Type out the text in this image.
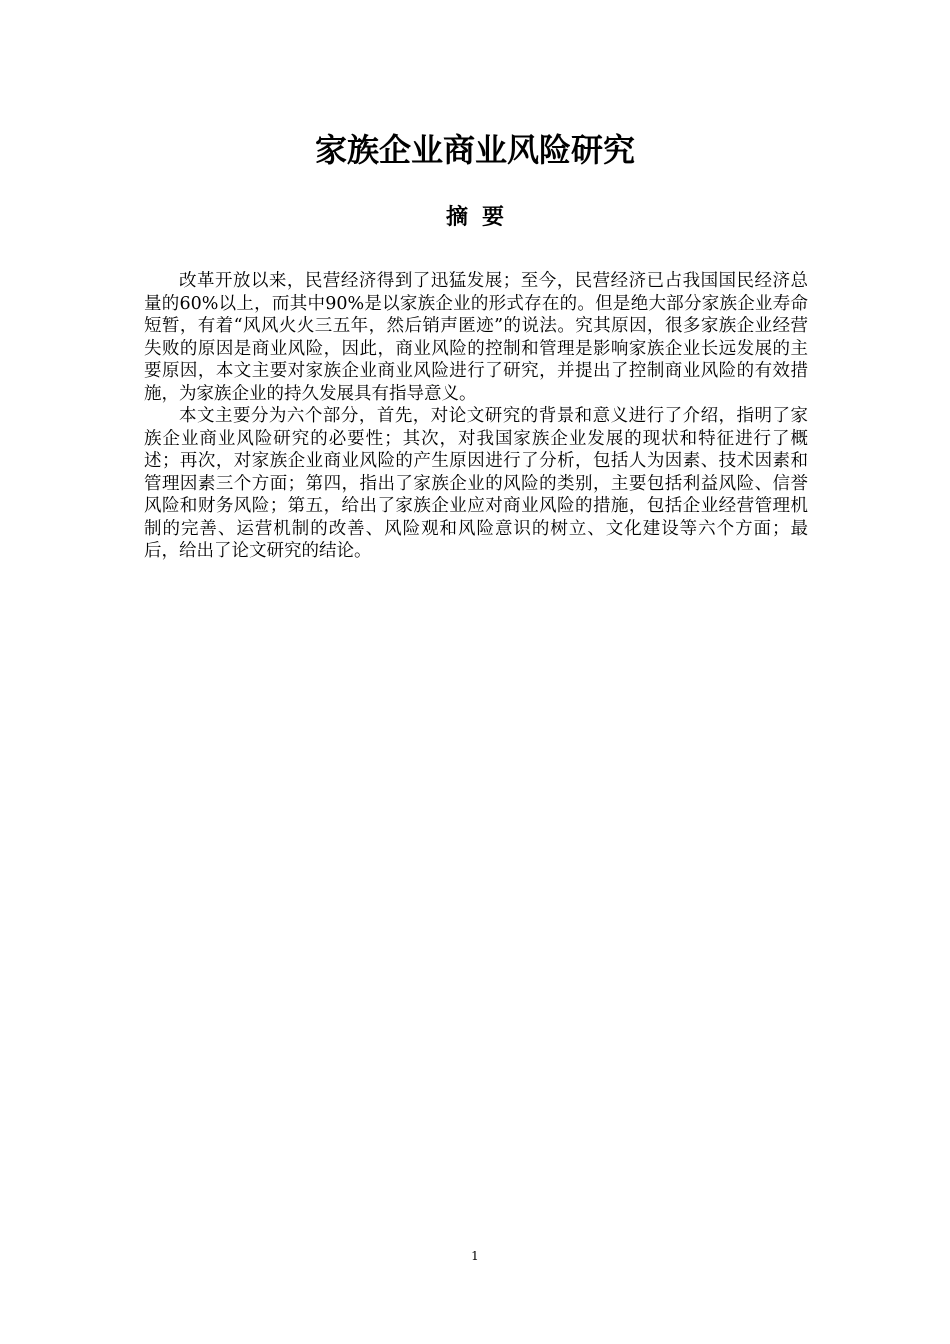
家族企业商业风险研究
摘要

改革开放以来，民营经济得到了迅猛发展；至今，民营经济已占我国国民经济总量的60%以上，而其中90%是以家族企业的形式存在的。但是绝大部分家族企业寿命短暂，有着“风风火火三五年，然后销声匿迹”的说法。究其原因，很多家族企业经营失败的原因是商业风险，因此，商业风险的控制和管理是影响家族企业长远发展的主要原因，本文主要对家族企业商业风险进行了研究，并提出了控制商业风险的有效措施，为家族企业的持久发展具有指导意义。

本文主要分为六个部分，首先，对论文研究的背景和意义进行了介绍，指明了家族企业商业风险研究的必要性；其次，对我国家族企业发展的现状和特征进行了概述；再次，对家族企业商业风险的产生原因进行了分析，包括人为因素、技术因素和管理因素三个方面；第四，指出了家族企业的风险的类别，主要包括利益风险、信誉风险和财务风险；第五，给出了家族企业应对商业风险的措施，包括企业经营管理机制的完善、运营机制的改善、风险观和风险意识的树立、文化建设等六个方面；最后，给出了论文研究的结论。

1
